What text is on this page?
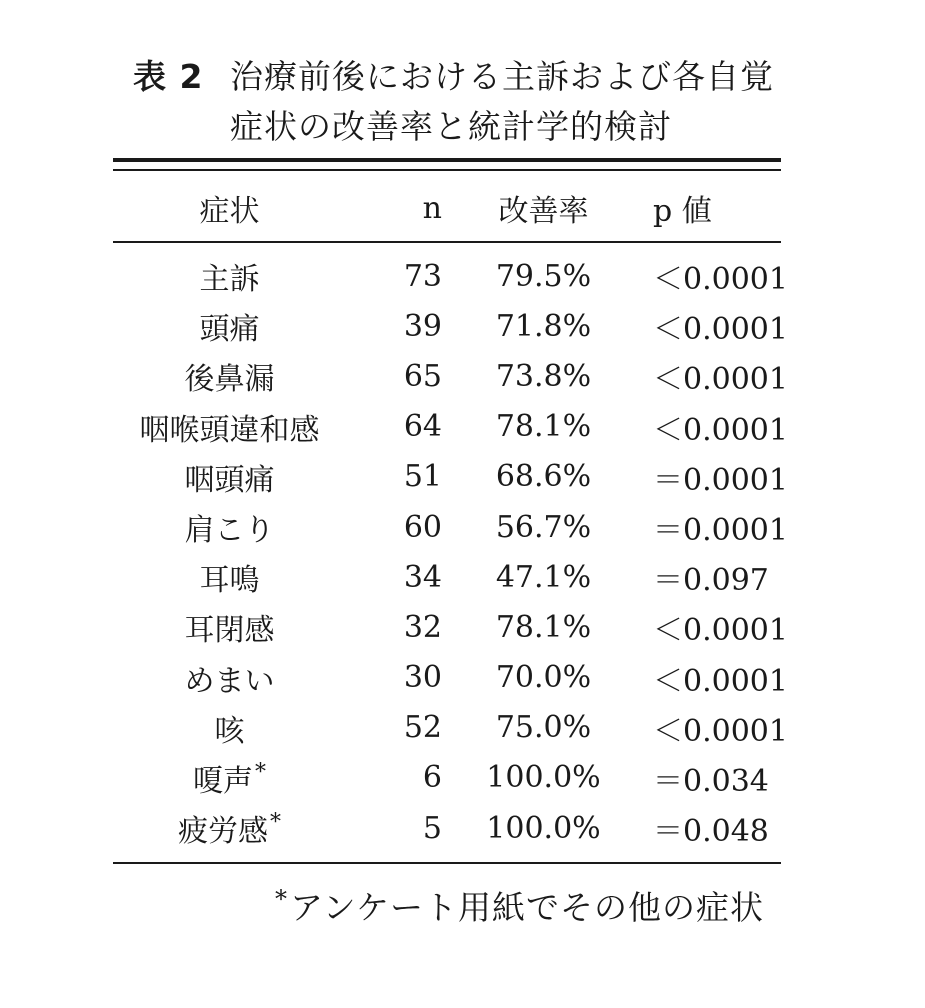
表 2 治療前後における主訴および各自覚
症状の改善率と統計学的検討
症状	n	改善率	p 値
主訴	73	79.5%	＜0.0001
頭痛	39	71.8%	＜0.0001
後鼻漏	65	73.8%	＜0.0001
咽喉頭違和感	64	78.1%	＜0.0001
咽頭痛	51	68.6%	＝0.0001
肩こり	60	56.7%	＝0.0001
耳鳴	34	47.1%	＝0.097
耳閉感	32	78.1%	＜0.0001
めまい	30	70.0%	＜0.0001
咳	52	75.0%	＜0.0001
嗄声*	6	100.0%	＝0.034
疲労感*	5	100.0%	＝0.048
*アンケート用紙でその他の症状
